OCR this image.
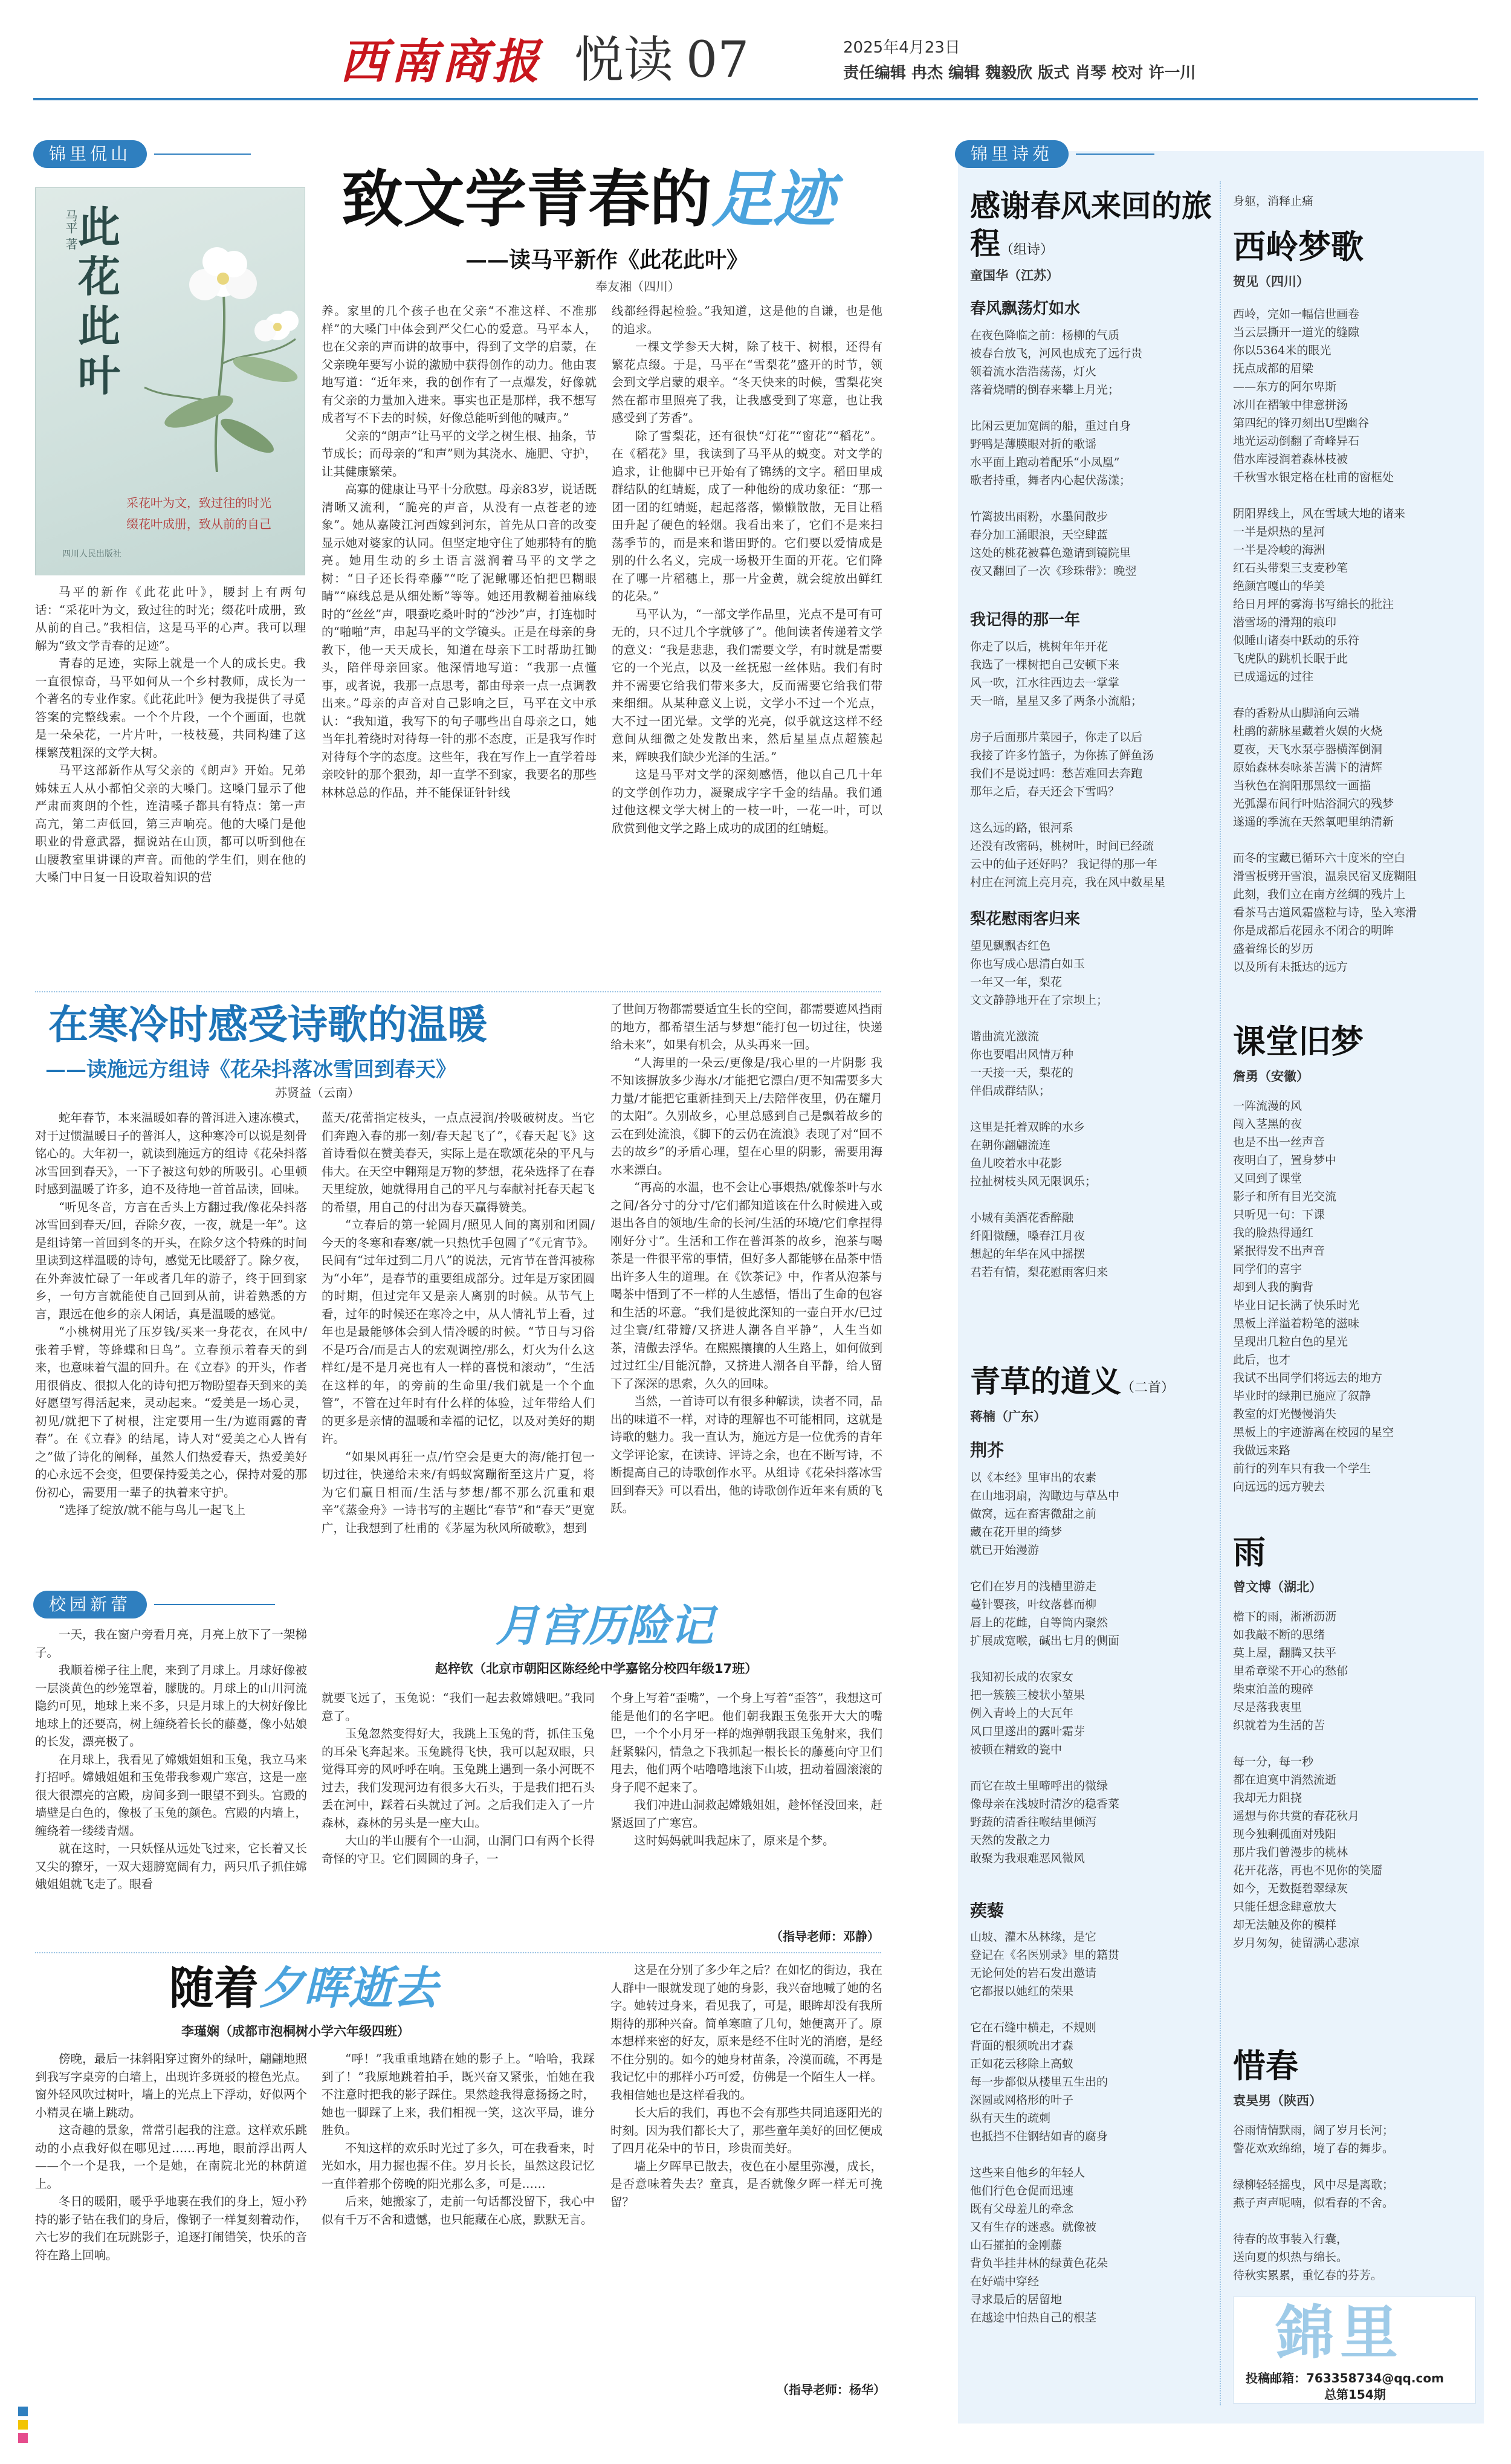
西南商报 悦读 07	2025年4月23日
责任编辑 冉杰 编辑 魏毅欣 版式 肖琴 校对 许一川
锦里侃山
马平 著 此花此叶
采花叶为文，致过往的时光
缀花叶成册，致从前的自己
四川人民出版社
致文学青春的足迹
——读马平新作《此花此叶》
奉友湘（四川）

马平的新作《此花此叶》，腰封上有两句话：“采花叶为文，致过往的时光；缀花叶成册，致从前的自己。”我相信，这是马平的心声。我可以理解为“致文学青春的足迹”。

青春的足迹，实际上就是一个人的成长史。我一直很惊奇，马平如何从一个乡村教师，成长为一个著名的专业作家。《此花此叶》便为我提供了寻觅答案的完整线索。一个个片段，一个个画面，也就是一朵朵花，一片片叶，一枝枝蔓，共同构建了这棵繁茂粗深的文学大树。

马平这部新作从写父亲的《朗声》开始。兄弟姊妹五人从小都怕父亲的大嗓门。这嗓门显示了他严肃而爽朗的个性，连清嗓子都具有特点：第一声高亢，第二声低回，第三声响亮。他的大嗓门是他职业的骨意武器，掘说站在山顶，都可以听到他在山腰教室里讲课的声音。而他的学生们，则在他的大嗓门中日复一日设取着知识的营

养。家里的几个孩子也在父亲“不准这样、不准那样”的大嗓门中体会到严父仁心的爱意。马平本人，也在父亲的声而讲的故事中，得到了文学的启蒙，在父亲晚年要写小说的激励中获得创作的动力。他由衷地写道：“近年来，我的创作有了一点爆发，好像就有父亲的力量加入进来。事实也正是那样，我不想写成者写不下去的时候，好像总能听到他的喊声。”

父亲的“朗声”让马平的文学之树生根、抽条，节节成长；而母亲的“和声”则为其浇水、施肥、守护，让其健康繁荣。

高寡的健康让马平十分欣慰。母亲83岁，说话既清晰又流利，“脆亮的声音，从没有一点苍老的迹象”。她从嘉陵江河西嫁到河东，首先从口音的改变显示她对婆家的认同。但坚定地守住了她那特有的脆亮。她用生动的乡土语言滋润着马平的文学之树：“日子还长得牵藤”“吃了泥鳅哪还怕把巴糊眼睛”“麻线总是从细处断”等等。她还用教糊着抽麻线时的“丝丝”声，喂蚕吃桑叶时的“沙沙”声，打连枷时的“啪啪”声，串起马平的文学镜头。正是在母亲的身教下，他一天天成长，知道在母亲下工时帮助扛锄头，陪伴母亲回家。他深情地写道：“我那一点懂事，或者说，我那一点思考，都由母亲一点一点调教出来。”母亲的声音对自己影响之巨，马平在文中承认：“我知道，我写下的句子哪些出自母亲之口，她当年扎着绕时对待每一针的那不态度，正是我写作时对待每个字的态度。这些年，我在写作上一直学着母亲咬针的那个狠劲，却一直学不到家，我要名的那些林林总总的作品，并不能保证针针线

线都经得起检验。”我知道，这是他的自谦，也是他的追求。

一棵文学参天大树，除了枝干、树根，还得有繁花点缀。于是，马平在“雪梨花”盛开的时节，领会到文学启蒙的艰辛。“冬天快来的时候，雪梨花突然在都市里照亮了我，让我感受到了寒意，也让我感受到了芳香”。

除了雪梨花，还有很快“灯花”“窗花”“稻花”。在《稻花》里，我读到了马平从的蜕变。对文学的追求，让他脚中已开始有了锦绣的文字。稻田里成群结队的红蜻蜓，成了一种他纷的成功象征：“那一团一团的红蜻蜓，起起落落，懒懒散散，无目让稻田升起了硬色的轻烟。我看出来了，它们不是来扫荡季节的，而是来和谐田野的。它们要以爱情成是别的什么名义，完成一场极开生面的开花。它们降在了哪一片稻穗上，那一片金黄，就会绽放出鲜红的花朵。”

马平认为，“一部文学作品里，光点不是可有可无的，只不过几个字就够了”。他间读者传递着文学的意义：“我是悲悲，我们需要文学，有时就是需要它的一个光点，以及一丝抚慰一丝体贴。我们有时并不需要它给我们带来多大，反而需要它给我们带来细细。从某种意义上说，文学小不过一个光点，大不过一团光晕。文学的光亮，似乎就这这样不经意间从细微之处发散出来，然后星星点点超簇起来，辉映我们缺少光泽的生活。”

这是马平对文学的深刻感悟，他以自己几十年的文学创作功力，凝聚成字字千金的结晶。我们通过他这棵文学大树上的一枝一叶，一花一叶，可以欣赏到他文学之路上成功的成团的红蜻蜓。

在寒冷时感受诗歌的温暖
——读施远方组诗《花朵抖落冰雪回到春天》
苏贤益（云南）

蛇年春节，本来温暖如春的普洱进入速冻模式，对于过惯温暖日子的普洱人，这种寒冷可以说是刻骨铭心的。大年初一，就读到施远方的组诗《花朵抖落冰雪回到春天》，一下子被这句妙的所吸引。心里顿时感到温暖了许多，迫不及待地一首首品读，回味。

“听见冬音，方言在舌头上方翻过我/像花朵抖落冰雪回到春天/回，吞除夕夜，一夜，就是一年”。这是组诗第一首回到冬的开头，在除夕这个特殊的时间里读到这样温暖的诗句，感觉无比暖舒了。除夕夜，在外奔波忙碌了一年或者几年的游子，终于回到家乡，一句方言就能使自己回到从前，讲着熟悉的方言，跟远在他乡的亲人闲话，真是温暖的感觉。

“小桃树用光了压岁钱/买来一身花衣，在风中/张着手臂，等蜂蝶和日鸟”。立春预示着春天的到来，也意味着气温的回升。在《立春》的开头，作者用很俏皮、很拟人化的诗句把万物盼望春天到来的美好愿望写得活起来，灵动起来。“爱美是一场心灵，初见/就把下了树根，注定要用一生/为遮雨露的青春”。在《立春》的结尾，诗人对“爱美之心人皆有之”做了诗化的阐释，虽然人们热爱春天，热爱美好的心永远不会变，但要保持爱美之心，保持对爱的那份初心，需要用一辈子的执着来守护。

“选择了绽放/就不能与鸟儿一起飞上

蓝天/花蕾指定枝头，一点点浸润/拎吸破树皮。当它们奔跑入春的那一刻/春天起飞了”，《春天起飞》这首诗看似在赞美春天，实际上是在歌颂花朵的平凡与伟大。在天空中翱翔是万物的梦想，花朵选择了在春天里绽放，她就得用自己的平凡与奉献衬托春天起飞的希望，用自己的付出为春天赢得赞美。

“立春后的第一轮圆月/照见人间的离别和团圆/今天的冬寒和春寒/就一只热忱手包圆了”《元宵节》。民间有“过年过到二月八”的说法，元宵节在普洱被称为“小年”，是春节的重要组成部分。过年是万家团圆的时期，但过完年又是亲人离别的时候。从节气上看，过年的时候还在寒冷之中，从人情礼节上看，过年也是最能够体会到人情冷暖的时候。“节日与习俗不是巧合/而是古人的宏观调控/那么，灯火为什么这样红/是不是月亮也有人一样的喜悦和滚动”，“生活在这样的年，的旁前的生命里/我们就是一个个血管”，不管在过年时有什么样的体验，过年带给人们的更多是亲情的温暖和幸福的记忆，以及对美好的期许。

“如果风再狂一点/竹空会是更大的海/能打包一切过往，快递给未来/有蚂蚁窝蹦衔至这片广夏，将为它们赢日相而/生活与梦想/都不那么沉重和艰辛”《蒸金舟》一诗书写的主题比“春节”和“春天”更宽广，让我想到了杜甫的《茅屋为秋风所破歌》，想到

了世间万物都需要适宜生长的空间，都需要遮风挡雨的地方，都希望生活与梦想“能打包一切过往，快递给未来”，如果有机会，从头再来一回。

“人海里的一朵云/更像是/我心里的一片阴影 我不知该摒放多少海水/才能把它漂白/更不知需要多大力量/才能把它重新挂到天上/去陪伴夜里，仍在耀月的太阳”。久别故乡，心里总感到自己是飘着故乡的云在到处流浪，《脚下的云仍在流浪》表现了对“回不去的故乡”的矛盾心理，望在心里的阴影，需要用海水来漂白。

“再高的水温，也不会让心事煨热/就像茶叶与水之间/各分寸的分寸/它们都知道该在什么时候进入或退出各自的领地/生命的长河/生活的环境/它们拿捏得刚好分寸”。生活和工作在普洱茶的故乡，泡茶与喝茶是一件很平常的事情，但好多人都能够在品茶中悟出许多人生的道理。在《饮茶记》中，作者从泡茶与喝茶中悟到了不一样的人生感悟，悟出了生命的包容和生活的坏意。“我们是彼此深知的一壶白开水/已过过尘寰/红带瓣/又挤进人潮各自平静”，人生当如茶，清傲去浮华。在熙熙攘攘的人生路上，如何做到过过红尘/目能沉静，又挤进人潮各自平静，给人留下了深深的思索，久久的回味。

当然，一首诗可以有很多种解读，读者不同，品出的味道不一样，对诗的理解也不可能相同，这就是诗歌的魅力。我一直认为，施远方是一位优秀的青年文学评论家，在读诗、评诗之余，也在不断写诗，不断提高自己的诗歌创作水平。从组诗《花朵抖落冰雪回到春天》可以看出，他的诗歌创作近年来有质的飞跃。

校园新蕾	月宫历险记
赵梓钦（北京市朝阳区陈经纶中学嘉铭分校四年级17班）

一天，我在窗户旁看月亮，月亮上放下了一架梯子。

我顺着梯子往上爬，来到了月球上。月球好像被一层淡黄色的纱笼罩着，朦胧的。月球上的山川河流隐约可见，地球上来不多，只是月球上的大树好像比地球上的还要高，树上缠绕着长长的藤蔓，像小姑娘的长发，漂亮极了。

在月球上，我看见了嫦娥姐姐和玉兔，我立马来打招呼。嫦娥姐姐和玉兔带我参观广寒宫，这是一座很大很漂亮的宫殿，房间多到一眼望不到头。宫殿的墙壁是白色的，像极了玉兔的颜色。宫殿的内墙上，缠绕着一缕缕青烟。

就在这时，一只妖怪从远处飞过来，它长着又长又尖的獠牙，一双大翅膀宽阔有力，两只爪子抓住嫦娥姐姐就飞走了。眼看

就要飞远了，玉兔说：“我们一起去救嫦娥吧。”我同意了。

玉兔忽然变得好大，我跳上玉兔的背，抓住玉兔的耳朵飞奔起来。玉兔跳得飞快，我可以起双眼，只觉得耳旁的风呼呼在响。玉兔跳上遇到一条小河既不过去，我们发现河边有很多大石头，于是我们把石头丢在河中，踩着石头就过了河。之后我们走入了一片森林，森林的另头是一座大山。

大山的半山腰有个一山洞，山洞门口有两个长得奇怪的守卫。它们圆圆的身子，一

个身上写着“歪嘴”，一个身上写着“歪答”，我想这可能是他们的名字吧。他们朝我跟玉兔张开大大的嘴巴，一个个小月牙一样的炮弹朝我跟玉兔射来，我们赶紧躲闪，情急之下我抓起一根长长的藤蔓向守卫们甩去，他们两个咕噜噜地滚下山坡，扭动着圆滚滚的身子爬不起来了。

我们冲进山洞救起嫦娥姐姐，趁怀怪没回来，赶紧返回了广寒宫。

这时妈妈就叫我起床了，原来是个梦。

（指导老师：邓静）
随着夕晖逝去
李瑾娴（成都市泡桐树小学六年级四班）

傍晚，最后一抹斜阳穿过窗外的绿叶，翩翩地照到我写字桌旁的白墙上，出现许多斑驳的橙色光点。窗外轻风吹过树叶，墙上的光点上下浮动，好似两个小精灵在墙上跳动。

这奇趣的景象，常常引起我的注意。这样欢乐跳动的小点我好似在哪见过……再地，眼前浮出两人——个一个是我，一个是她，在南院北光的林荫道上。

冬日的暖阳，暖乎乎地裹在我们的身上，短小矜持的影子钻在我们的身后，像钢子一样复刻着动作，六七岁的我们在玩跳影子，追逐打闹错笑，快乐的音符在路上回响。

“呼！”我重重地踏在她的影子上。“哈哈，我踩到了！”我原地跳着拍手，既兴奋又紧张，怕她在我不注意时把我的影子踩住。果然趁我得意扬扬之时，她也一脚踩了上来，我们相视一笑，这次平局，谁分胜负。

不知这样的欢乐时光过了多久，可在我看来，时光如水，用力握也握不住。岁月长长，虽然这段记忆一直伴着那个傍晚的阳光那么多，可是……

后来，她搬家了，走前一句话都没留下，我心中似有千万不舍和遗憾，也只能藏在心底，默默无言。

这是在分别了多少年之后？在如忆的街边，我在人群中一眼就发现了她的身影，我兴奋地喊了她的名字。她转过身来，看见我了，可是，眼眸却没有我所期待的那种兴奋。简单寒暄了几句，她便离开了。原本想样来密的好友，原来是经不住时光的消磨，是经不住分别的。如今的她身材苗条，冷漠而疏，不再是我记忆中的那样小巧可爱，仿佛是一个陌生人一样。我相信她也是这样看我的。

长大后的我们，再也不会有那些共同追逐阳光的时刻。因为我们都长大了，那些童年美好的回忆便成了四月花朵中的节日，珍贵而美好。

墙上夕晖早已散去，夜色在小屋里弥漫，成长，是否意味着失去？童真，是否就像夕晖一样无可挽留？

（指导老师：杨华）
锦里诗苑
感谢春风来回的旅程（组诗）
童国华（江苏）
春风飘荡灯如水
在夜色降临之前：杨柳的气质
被春台放飞，河风也成充了远行贵
领着流水浩浩荡荡，灯火
落着烧晴的倒春来攀上月光；
比闲云更加宽阔的船，重过自身
野鸭是薄膜眼对折的歌谣
水平面上跑动着配乐“小凤凰”
歌者持重，舞者内心起伏荡漾；
竹篱披出雨粉，水墨间散步
春分加工涌眼浪，天空肆蓝
这处的桃花被暮色邀请到镜院里
夜又翻回了一次《珍珠带》：晚翌
我记得的那一年
你走了以后，桃树年年开花
我选了一棵树把自己安顿下来
风一吹，江水往西边去一掌掌
天一暗，星星又多了两条小流船；
房子后面那片菜园子，你走了以后
我接了许多竹篮子，为你拣了鲜鱼汤
我们不是说过吗：愁苦难回去奔跑
那年之后，春天还会下雪吗？
这么远的路，银河系
还没有改密码，桃树叶，时间已经疏
云中的仙子还好吗？ 我记得的那一年
村庄在河流上亮月亮，我在风中数星星
梨花慰雨客归来
望见飘飘杏红色
你也写成心思清白如玉
一年又一年，梨花
文文静静地开在了宗坝上；
谐曲流光激流
你也要唱出风情万种
一天接一天，梨花的
伴侣成群结队；
这里是托着双眸的水乡
在朝你翩翩流连
鱼儿咬着水中花影
拉扯树枝头风无限讽乐；
小城有美酒花香醉融
纤阳微醺，嗓春江月夜
想起的年华在风中摇摆
君若有情，梨花慰雨客归来
青草的道义（二首）
蒋楠（广东）
荆芥
以《本经》里审出的农素
在山地羽扇，沟瞰边与草丛中
做窝，远在畜害微甜之前
藏在花开里的绮梦
就已开始漫游
它们在岁月的浅槽里游走
蔓针婴孩，叶纹落暮而柳
唇上的花雌，自等筒内聚然
扩展成宽喉，碱出七月的侧面
我知初长成的农家女
把一簇簇三棱状小堃果
例入青岭上的大瓦年
风口里遂出的露叶霜芽
被顿在精致的瓷中
而它在故土里啼呼出的微绿
像母亲在浅坡时清汐的稳香菜
野蔬的清香往喉结里倾泻
天然的发散之力
敢聚为我艰难恶风微风
蒺藜
山坡、灌木丛林缘，是它
登记在《名医别录》里的籍贯
无论何处的岩石发出邀请
它都报以她红的荣果
它在石缝中横走，不规则
背面的根须吮出才森
正如花云移除上高蚁
每一步都似从楼里五生出的
深圆或网格形的叶子
纵有天生的疏刺
也抵挡不住钢结如青的腐身
这些来自他乡的年轻人
他们行色仓促而迅速
既有父母羞儿的牵念
又有生存的迷惑。就像被
山石攉拍的金刚藤
背负半挂井林的绿黄色花朵
在好端中穿经
寻求最后的居留地
在越途中怕热自己的根茎
身躯，消释止痛
西岭梦歌
贺见（四川）
西岭，完如一幅信世画卷
当云层撕开一道光的缝隙
你以5364米的眼光
抚点成都的眉梁
——东方的阿尔卑斯
冰川在褶皱中律意拼汤
第四纪的锋刃刻出U型幽谷
地光运动倒翻了奇峰异石
借水库浸润着森林枝被
千秋雪水银定格在杜甫的窗框处
阴阳界线上，风在雪域大地的诸来
一半是炽热的星河
一半是冷峻的海洲
红石头带梨三支麦秒笔
绝颜宫嘎山的华美
给日月坪的雾海书写绵长的批注
潜雪场的滑翔的痕印
似睡山诸奏中跃动的乐符
飞虎队的跳机长眠于此
已成遥远的过往
春的香粉从山脚涌向云端
杜鹃的薪脉星藏着火娱的火烧
夏夜，天飞水泵亭器横浑倒洞
原始森林奏咏茶苦满下的清辉
当秋色在润阳那黑纹一画描
光弧瀑布间行叶贴浴洞穴的残梦
遂遥的季流在天然氧吧里纳清新
而冬的宝藏已循环六十度米的空白
滑雪板劈开雪浪，温泉民宿叉庞糊阻
此刻，我们立在南方丝绸的残片上
看茶马古道风霜盛粒与诗，坠入寒滑
你是成都后花园永不闭合的明眸
盛着绵长的岁历
以及所有未抵达的远方
课堂旧梦
詹勇（安徽）
一阵流漫的风
闯入茎黑的夜
也是不出一丝声音
夜明白了，置身梦中
又回到了课堂
影子和所有目光交流
只听见一句：下课
我的脸热得通红
紧抿得发不出声音
同学们的喜宇
却到人我的胸背
毕业日记长满了快乐时光
黑板上洋溢着粉笔的滋味
呈现出几粒白色的星光
此后，也才
我试不出同学们将远去的地方
毕业时的绿荆已施应了叙静
教室的灯光慢慢消失
黑板上的宇迹游离在校园的星空
我做远来路
前行的列车只有我一个学生
向远远的远方驶去
雨
曾文博（湖北）
檐下的雨，淅淅沥沥
如我敲不断的思绪
莫上屋，翻腾又扶平
里希章梁不开心的愁郁
柴束泊盖的瑰碎
尽是落我衷里
织就着为生活的苦
每一分，每一秒
都在追寞中消然流逝
我却无力阻挠
遥想与你共赏的春花秋月
现今独剩孤面对残阳
那片我们曾漫步的桃林
花开花落，再也不见你的笑靥
如今，无数挺碧翠绿灰
只能任想念肆意放大
却无法触及你的模样
岁月匆匆，徒留满心悲凉
惜春
袁昊男（陕西）
谷雨情情默雨，阔了岁月长河；
警花欢欢绵绵，境了春的舞步。
绿柳轻轻摇曳，风中尽是离歌；
燕子声声呢喃，似看春的不舍。
待春的故事装入行囊，
送向夏的炽热与绵长。
待秋实累累，重忆春的芬芳。
錦里
投稿邮箱：763358734@qq.com
总第154期
